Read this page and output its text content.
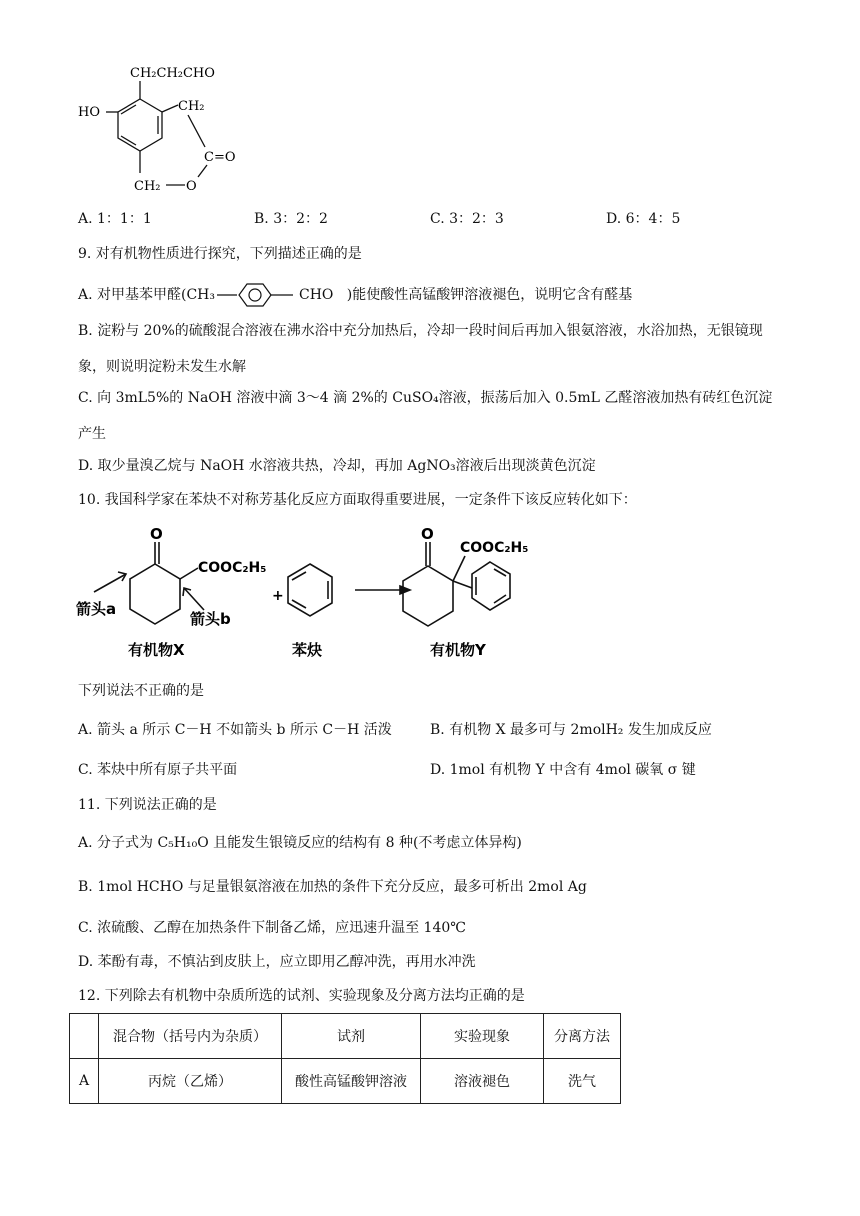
CH₂CH₂CHO
HO	CH₂
C=O
CH₂ O
A. 1：1：1	B. 3：2：2	C. 3：2：3	D. 6：4：5
9. 对有机物性质进行探究，下列描述正确的是
A. 对甲基苯甲醛(CH₃	CHO )能使酸性高锰酸钾溶液褪色，说明它含有醛基
B. 淀粉与 20%的硫酸混合溶液在沸水浴中充分加热后，冷却一段时间后再加入银氨溶液，水浴加热，无银镜现象，则说明淀粉未发生水解
C. 向 3mL5%的 NaOH 溶液中滴 3～4 滴 2%的 CuSO₄溶液，振荡后加入 0.5mL 乙醛溶液加热有砖红色沉淀产生
D. 取少量溴乙烷与 NaOH 水溶液共热，冷却，再加 AgNO₃溶液后出现淡黄色沉淀
10. 我国科学家在苯炔不对称芳基化反应方面取得重要进展，一定条件下该反应转化如下：
O
COOC₂H₅
箭头a
箭头b
+
O
COOC₂H₅
有机物X	苯炔	有机物Y
下列说法不正确的是
A. 箭头 a 所示 C－H 不如箭头 b 所示 C－H 活泼	B. 有机物 X 最多可与 2molH₂ 发生加成反应
C. 苯炔中所有原子共平面	D. 1mol 有机物 Y 中含有 4mol 碳氧 σ 键
11. 下列说法正确的是
A. 分子式为 C₅H₁₀O 且能发生银镜反应的结构有 8 种(不考虑立体异构)
B. 1mol HCHO 与足量银氨溶液在加热的条件下充分反应，最多可析出 2mol Ag
C. 浓硫酸、乙醇在加热条件下制备乙烯，应迅速升温至 140℃
D. 苯酚有毒，不慎沾到皮肤上，应立即用乙醇冲洗，再用水冲洗
12. 下列除去有机物中杂质所选的试剂、实验现象及分离方法均正确的是
	混合物（括号内为杂质）	试剂	实验现象	分离方法
A	丙烷（乙烯）	酸性高锰酸钾溶液	溶液褪色	洗气
